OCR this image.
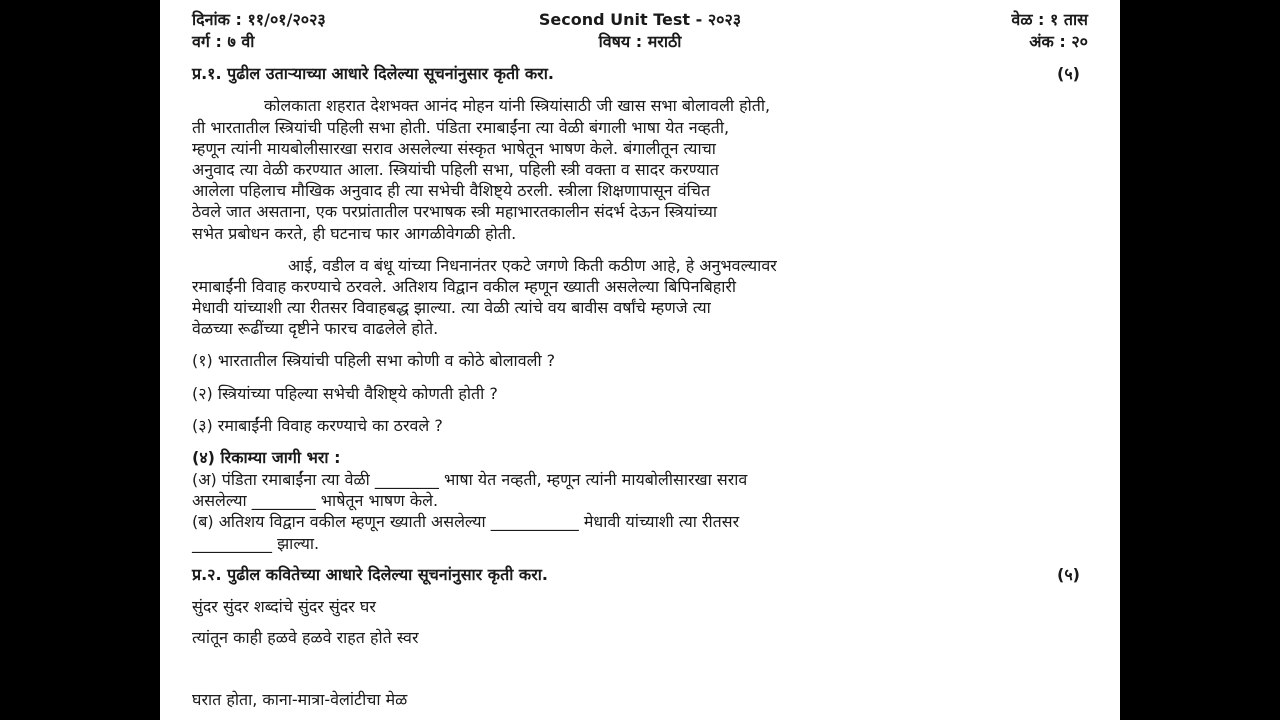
दिनांक : ११/०१/२०२३	Second Unit Test - २०२३	वेळ : १ तास
वर्ग : ७ वी	विषय : मराठी	अंक : २०
प्र.१. पुढील उताऱ्याच्या आधारे दिलेल्या सूचनांनुसार कृती करा.	(५)
कोलकाता शहरात देशभक्त आनंद मोहन यांनी स्त्रियांसाठी जी खास सभा बोलावली होती,
ती भारतातील स्त्रियांची पहिली सभा होती. पंडिता रमाबाईंना त्या वेळी बंगाली भाषा येत नव्हती,
म्हणून त्यांनी मायबोलीसारखा सराव असलेल्या संस्कृत भाषेतून भाषण केले. बंगालीतून त्याचा
अनुवाद त्या वेळी करण्यात आला. स्त्रियांची पहिली सभा, पहिली स्त्री वक्ता व सादर करण्यात
आलेला पहिलाच मौखिक अनुवाद ही त्या सभेची वैशिष्ट्ये ठरली. स्त्रीला शिक्षणापासून वंचित
ठेवले जात असताना, एक परप्रांतातील परभाषक स्त्री महाभारतकालीन संदर्भ देऊन स्त्रियांच्या
सभेत प्रबोधन करते, ही घटनाच फार आगळीवेगळी होती.
आई, वडील व बंधू यांच्या निधनानंतर एकटे जगणे किती कठीण आहे, हे अनुभवल्यावर
रमाबाईंनी विवाह करण्याचे ठरवले. अतिशय विद्वान वकील म्हणून ख्याती असलेल्या बिपिनबिहारी
मेधावी यांच्याशी त्या रीतसर विवाहबद्ध झाल्या. त्या वेळी त्यांचे वय बावीस वर्षांचे म्हणजे त्या
वेळच्या रूढींच्या दृष्टीने फारच वाढलेले होते.
(१) भारतातील स्त्रियांची पहिली सभा कोणी व कोठे बोलावली ?
(२) स्त्रियांच्या पहिल्या सभेची वैशिष्ट्ये कोणती होती ?
(३) रमाबाईंनी विवाह करण्याचे का ठरवले ?
(४) रिकाम्या जागी भरा :
(अ) पंडिता रमाबाईंना त्या वेळी ________ भाषा येत नव्हती, म्हणून त्यांनी मायबोलीसारखा सराव
असलेल्या ________ भाषेतून भाषण केले.
(ब) अतिशय विद्वान वकील म्हणून ख्याती असलेल्या ___________ मेधावी यांच्याशी त्या रीतसर
__________ झाल्या.
प्र.२. पुढील कवितेच्या आधारे दिलेल्या सूचनांनुसार कृती करा.	(५)
सुंदर सुंदर शब्दांचे सुंदर सुंदर घर
त्यांतून काही हळवे हळवे राहत होते स्वर
घरात होता, काना-मात्रा-वेलांटीचा मेळ
